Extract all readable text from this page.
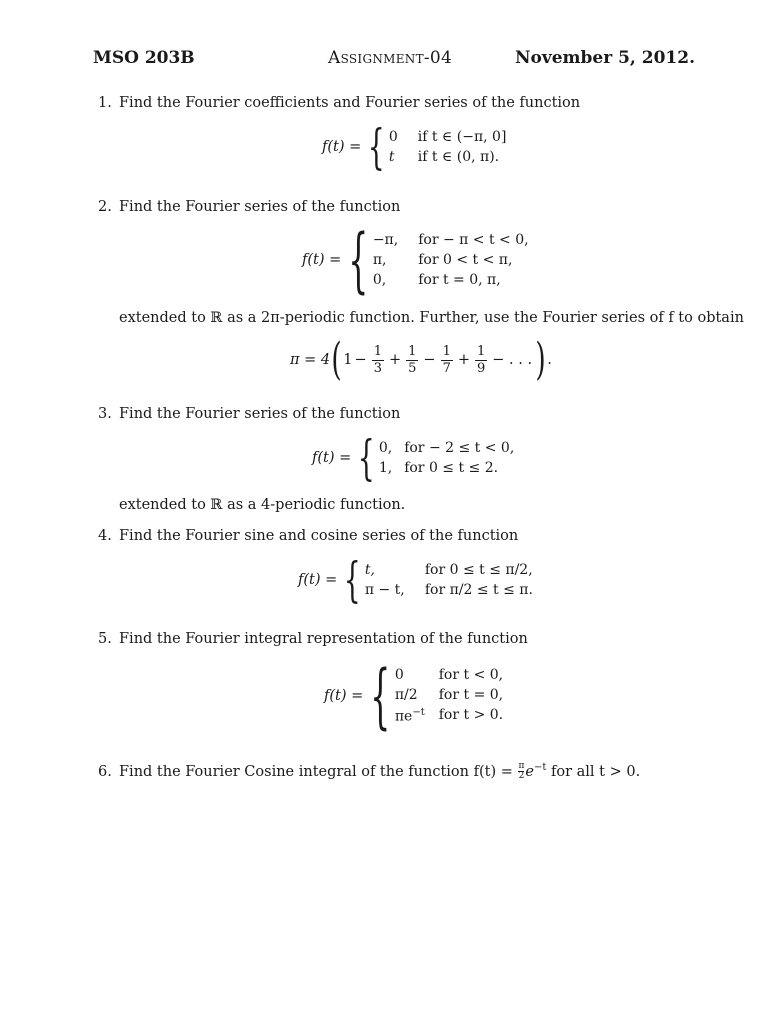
MSO 203B	Assignment-04	November 5, 2012.
1. Find the Fourier coefficients and Fourier series of the function
f(t) = { 0 if t ∈ (−π, 0]
t if t ∈ (0, π).
2. Find the Fourier series of the function
f(t) = { −π, for − π < t < 0,
π,	for 0 < t < π,
0,	for t = 0, π,
extended to ℝ as a 2π-periodic function. Further, use the Fourier series of f to obtain
π = 4 ( $1 - \frac{1}{3} + \frac{1}{5} - \frac{1}{7} + \frac{1}{9}$ − . . . ) .
3. Find the Fourier series of the function
f(t) = { 0, for − 2 ≤ t < 0,
1, for 0 ≤ t ≤ 2.
extended to ℝ as a 4-periodic function.
4. Find the Fourier sine and cosine series of the function
f(t) = { t,	for 0 ≤ t ≤ π/2,
π − t,	for π/2 ≤ t ≤ π.
5. Find the Fourier integral representation of the function
f(t) = { 0	for t < 0,
π/2	for t = 0,
$\pi e^{-t}$ for t > 0.
6. Find the Fourier Cosine integral of the function $f(t) = \frac{\pi}{2} e^{-t}$ for all t > 0.
